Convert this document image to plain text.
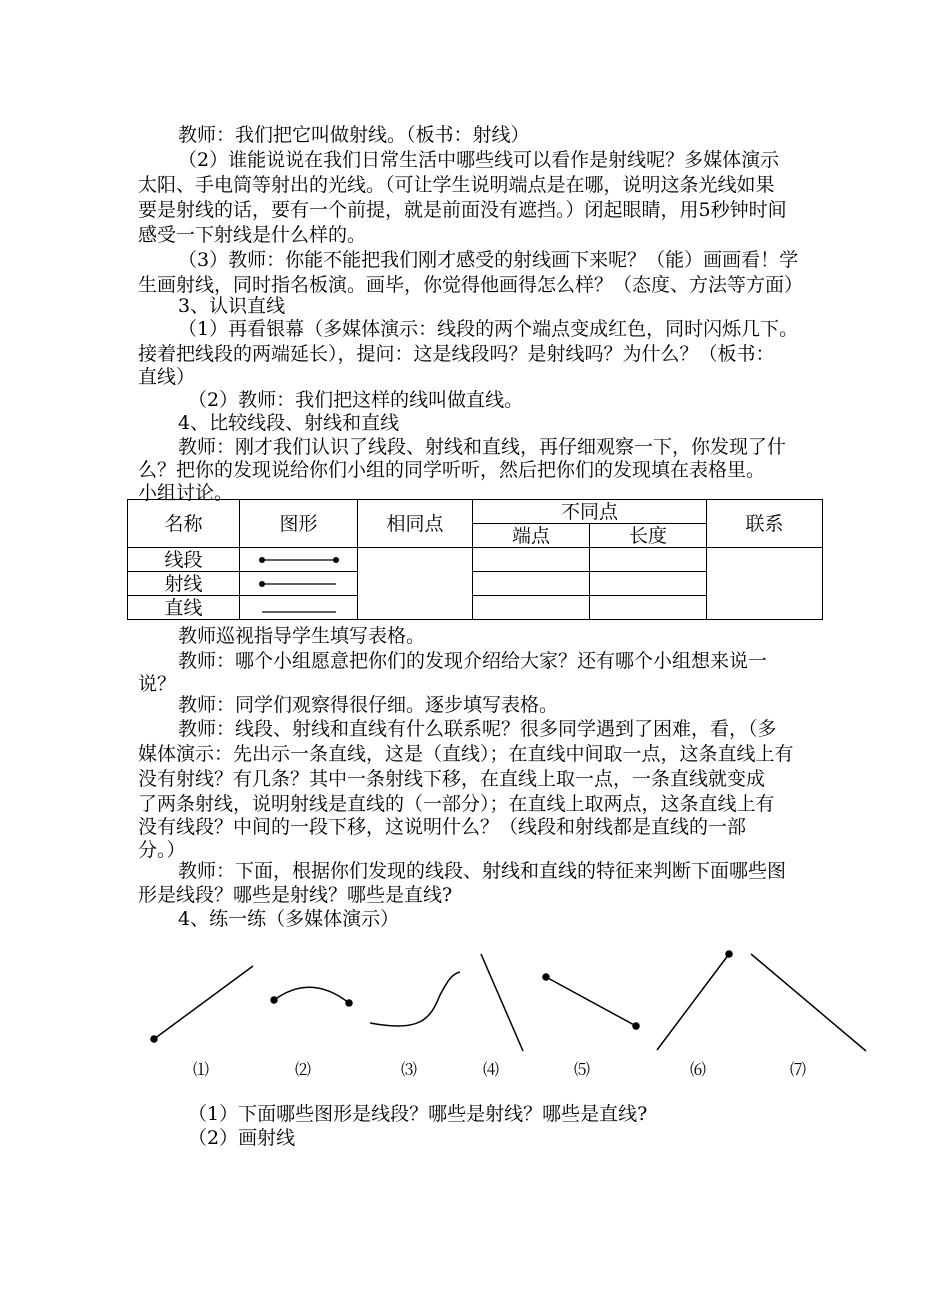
教师：我们把它叫做射线。（板书：射线）
（2）谁能说说在我们日常生活中哪些线可以看作是射线呢？多媒体演示
太阳、手电筒等射出的光线。（可让学生说明端点是在哪，说明这条光线如果
要是射线的话，要有一个前提，就是前面没有遮挡。）闭起眼睛，用5秒钟时间
感受一下射线是什么样的。
（3）教师：你能不能把我们刚才感受的射线画下来呢？（能）画画看！学
生画射线，同时指名板演。画毕，你觉得他画得怎么样？（态度、方法等方面）
3、认识直线
（1）再看银幕（多媒体演示：线段的两个端点变成红色，同时闪烁几下。
接着把线段的两端延长），提问：这是线段吗？是射线吗？为什么？（板书：
直线）
（2）教师：我们把这样的线叫做直线。
4、比较线段、射线和直线
教师：刚才我们认识了线段、射线和直线，再仔细观察一下，你发现了什
么？把你的发现说给你们小组的同学听听，然后把你们的发现填在表格里。
小组讨论。
名称	图形	相同点	不同点		联系
			端点	长度	
线段	

射线	

直线	

教师巡视指导学生填写表格。
教师：哪个小组愿意把你们的发现介绍给大家？还有哪个小组想来说一
说？
教师：同学们观察得很仔细。逐步填写表格。
教师：线段、射线和直线有什么联系呢？很多同学遇到了困难，看，（多
媒体演示：先出示一条直线，这是（直线）；在直线中间取一点，这条直线上有
没有射线？有几条？其中一条射线下移，在直线上取一点，一条直线就变成
了两条射线，说明射线是直线的（一部分）；在直线上取两点，这条直线上有
没有线段？中间的一段下移，这说明什么？（线段和射线都是直线的一部
分。）
教师：下面，根据你们发现的线段、射线和直线的特征来判断下面哪些图
形是线段？哪些是射线？哪些是直线?
4、练一练（多媒体演示）
⑴	⑵	⑶	⑷	⑸	⑹	⑺
（1）下面哪些图形是线段？哪些是射线？哪些是直线?
（2）画射线
